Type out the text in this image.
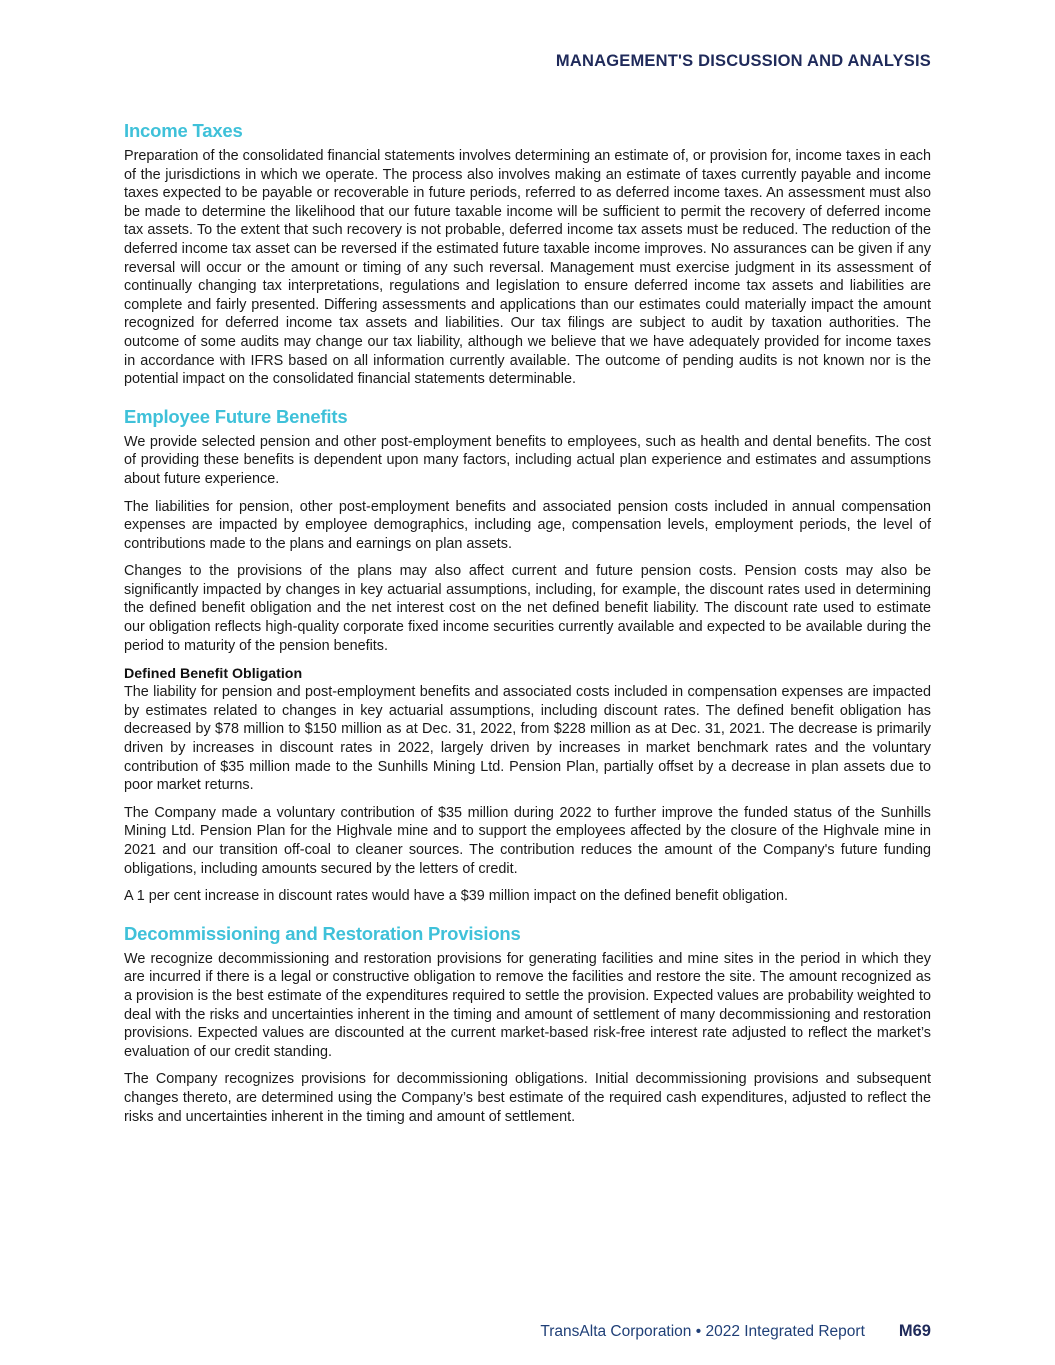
MANAGEMENT'S DISCUSSION AND ANALYSIS
Income Taxes

Preparation of the consolidated financial statements involves determining an estimate of, or provision for, income taxes in each of the jurisdictions in which we operate. The process also involves making an estimate of taxes currently payable and income taxes expected to be payable or recoverable in future periods, referred to as deferred income taxes. An assessment must also be made to determine the likelihood that our future taxable income will be sufficient to permit the recovery of deferred income tax assets. To the extent that such recovery is not probable, deferred income tax assets must be reduced. The reduction of the deferred income tax asset can be reversed if the estimated future taxable income improves. No assurances can be given if any reversal will occur or the amount or timing of any such reversal. Management must exercise judgment in its assessment of continually changing tax interpretations, regulations and legislation to ensure deferred income tax assets and liabilities are complete and fairly presented. Differing assessments and applications than our estimates could materially impact the amount recognized for deferred income tax assets and liabilities. Our tax filings are subject to audit by taxation authorities. The outcome of some audits may change our tax liability, although we believe that we have adequately provided for income taxes in accordance with IFRS based on all information currently available. The outcome of pending audits is not known nor is the potential impact on the consolidated financial statements determinable.

Employee Future Benefits

We provide selected pension and other post-employment benefits to employees, such as health and dental benefits. The cost of providing these benefits is dependent upon many factors, including actual plan experience and estimates and assumptions about future experience.

The liabilities for pension, other post-employment benefits and associated pension costs included in annual compensation expenses are impacted by employee demographics, including age, compensation levels, employment periods, the level of contributions made to the plans and earnings on plan assets.

Changes to the provisions of the plans may also affect current and future pension costs. Pension costs may also be significantly impacted by changes in key actuarial assumptions, including, for example, the discount rates used in determining the defined benefit obligation and the net interest cost on the net defined benefit liability. The discount rate used to estimate our obligation reflects high-quality corporate fixed income securities currently available and expected to be available during the period to maturity of the pension benefits.

Defined Benefit Obligation

The liability for pension and post-employment benefits and associated costs included in compensation expenses are impacted by estimates related to changes in key actuarial assumptions, including discount rates. The defined benefit obligation has decreased by $78 million to $150 million as at Dec. 31, 2022, from $228 million as at Dec. 31, 2021. The decrease is primarily driven by increases in discount rates in 2022, largely driven by increases in market benchmark rates and the voluntary contribution of $35 million made to the Sunhills Mining Ltd. Pension Plan, partially offset by a decrease in plan assets due to poor market returns.

The Company made a voluntary contribution of $35 million during 2022 to further improve the funded status of the Sunhills Mining Ltd. Pension Plan for the Highvale mine and to support the employees affected by the closure of the Highvale mine in 2021 and our transition off-coal to cleaner sources. The contribution reduces the amount of the Company's future funding obligations, including amounts secured by the letters of credit.

A 1 per cent increase in discount rates would have a $39 million impact on the defined benefit obligation.

Decommissioning and Restoration Provisions

We recognize decommissioning and restoration provisions for generating facilities and mine sites in the period in which they are incurred if there is a legal or constructive obligation to remove the facilities and restore the site. The amount recognized as a provision is the best estimate of the expenditures required to settle the provision. Expected values are probability weighted to deal with the risks and uncertainties inherent in the timing and amount of settlement of many decommissioning and restoration provisions. Expected values are discounted at the current market-based risk-free interest rate adjusted to reflect the market’s evaluation of our credit standing.

The Company recognizes provisions for decommissioning obligations. Initial decommissioning provisions and subsequent changes thereto, are determined using the Company’s best estimate of the required cash expenditures, adjusted to reflect the risks and uncertainties inherent in the timing and amount of settlement.

TransAlta Corporation • 2022 Integrated Report M69
